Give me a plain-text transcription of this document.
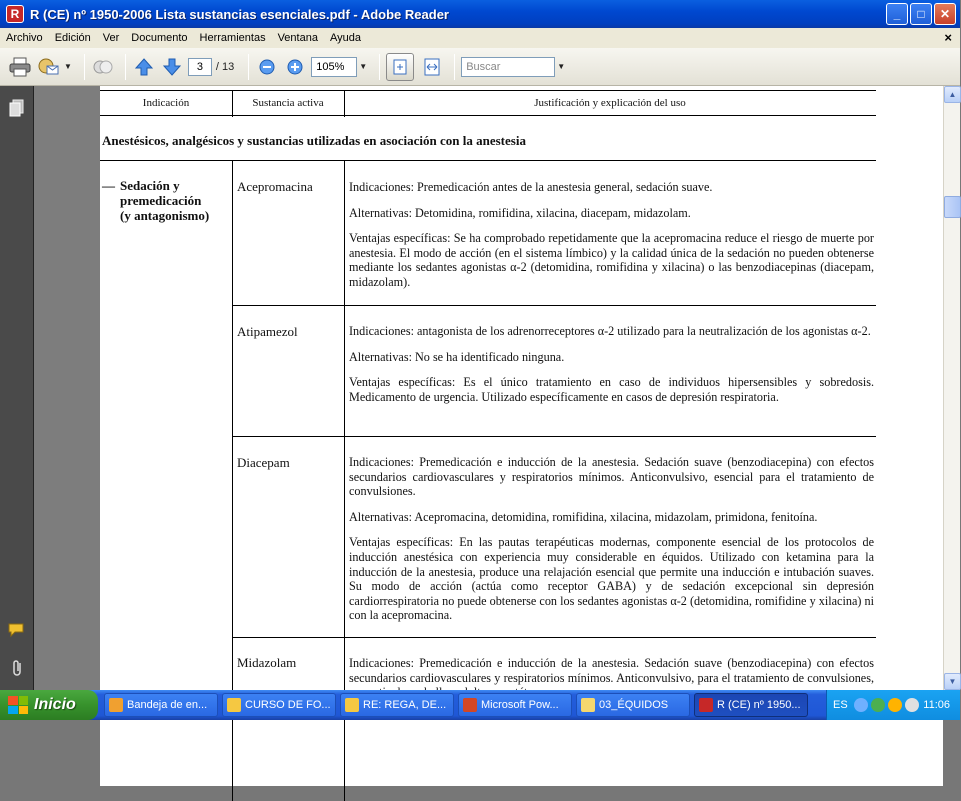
R R (CE) nº 1950-2006 Lista sustancias esenciales.pdf - Adobe Reader	_	□	✕
Archivo	Edición	Ver	Documento	Herramientas	Ventana	Ayuda	×
▼	3	/ 13	105%	▼	Buscar	▼
Indicación	Sustancia activa	Justificación y explicación del uso
Anestésicos, analgésicos y sustancias utilizadas en asociación con la anestesia
— Sedación y
premedicación
(y antagonismo)
Acepromacina	Indicaciones: Premedicación antes de la anestesia general, sedación suave.

Alternativas: Detomidina, romifidina, xilacina, diacepam, midazolam.

Ventajas específicas: Se ha comprobado repetidamente que la acepromacina reduce el riesgo de muerte por anestesia. El modo de acción (en el sistema límbico) y la calidad única de la sedación no pueden obtenerse mediante los sedantes agonistas α-2 (detomidina, romifidina y xilacina) o las benzodiacepinas (diacepam, midazolam).

Atipamezol	Indicaciones: antagonista de los adrenorreceptores α-2 utilizado para la neutralización de los agonistas α-2.

Alternativas: No se ha identificado ninguna.

Ventajas específicas: Es el único tratamiento en caso de individuos hipersensibles y sobredosis. Medicamento de urgencia. Utilizado específicamente en casos de depresión respiratoria.

Diacepam	Indicaciones: Premedicación e inducción de la anestesia. Sedación suave (benzodiacepina) con efectos secundarios cardiovasculares y respiratorios mínimos. Anticonvulsivo, esencial para el tratamiento de convulsiones.

Alternativas: Acepromacina, detomidina, romifidina, xilacina, midazolam, primidona, fenitoína.

Ventajas específicas: En las pautas terapéuticas modernas, componente esencial de los protocolos de inducción anestésica con experiencia muy considerable en équidos. Utilizado con ketamina para la inducción de la anestesia, produce una relajación esencial que permite una inducción e intubación suaves. Su modo de acción (actúa como receptor GABA) y de sedación excepcional sin depresión cardiorrespiratoria no puede obtenerse con los sedantes agonistas α-2 (detomidina, romifidine y xilacina) ni con la acepromacina.

Midazolam	Indicaciones: Premedicación e inducción de la anestesia. Sedación suave (benzodiacepina) con efectos secundarios cardiovasculares y respiratorios mínimos. Anticonvulsivo, para el tratamiento de convulsiones,

▲
▼
Inicio	Bandeja de en...	CURSO DE FO...	RE: REGA, DE...	Microsoft Pow...	03_ÉQUIDOS	R (CE) nº 1950...	ES	11:06
